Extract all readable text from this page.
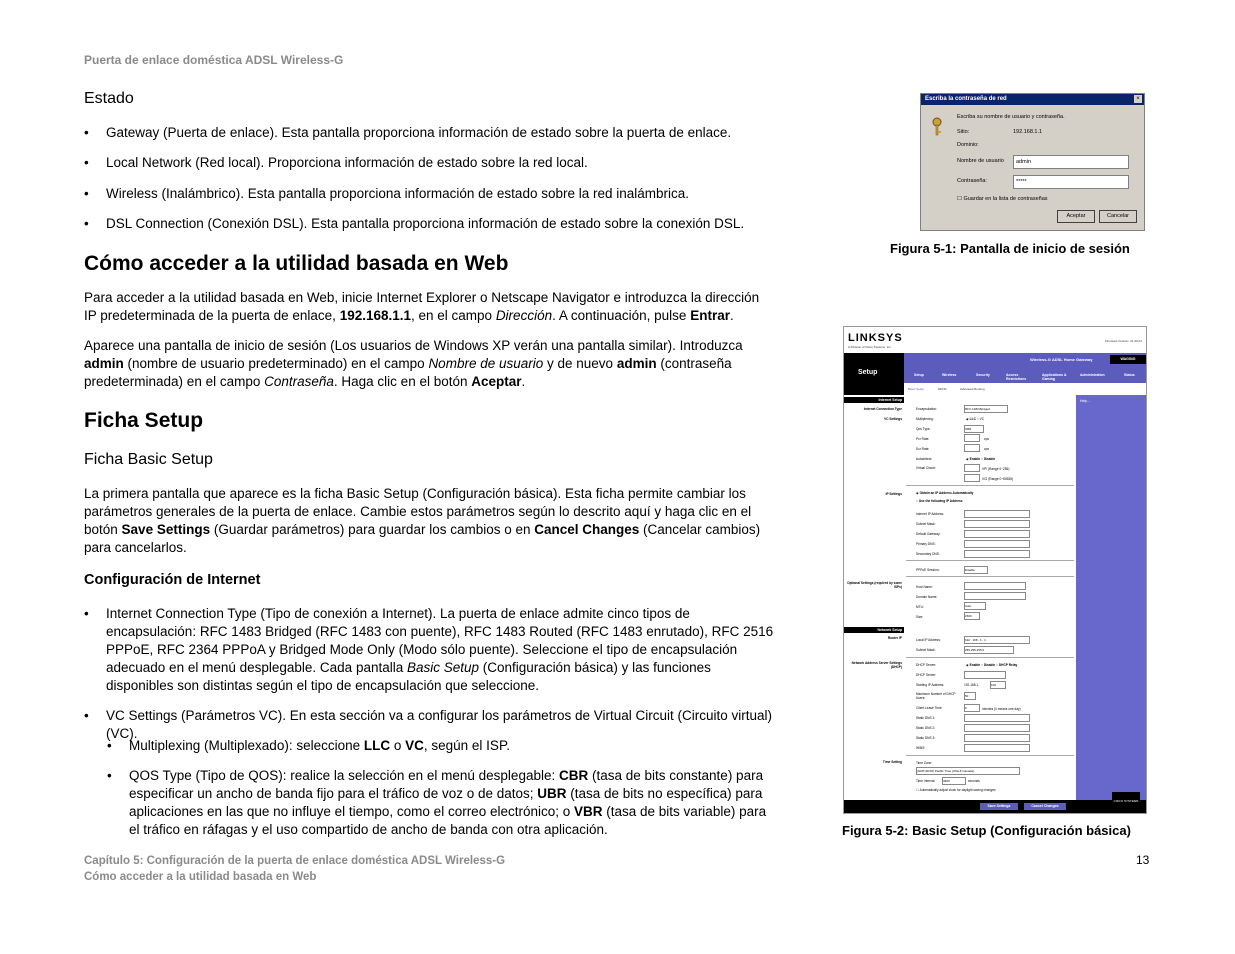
Puerta de enlace doméstica ADSL Wireless-G
Estado
• Gateway (Puerta de enlace). Esta pantalla proporciona información de estado sobre la puerta de enlace.
• Local Network (Red local). Proporciona información de estado sobre la red local.
• Wireless (Inalámbrico). Esta pantalla proporciona información de estado sobre la red inalámbrica.
• DSL Connection (Conexión DSL). Esta pantalla proporciona información de estado sobre la conexión DSL.
Cómo acceder a la utilidad basada en Web
Para acceder a la utilidad basada en Web, inicie Internet Explorer o Netscape Navigator e introduzca la dirección
IP predeterminada de la puerta de enlace, 192.168.1.1, en el campo Dirección. A continuación, pulse Entrar.
Aparece una pantalla de inicio de sesión (Los usuarios de Windows XP verán una pantalla similar). Introduzca
admin (nombre de usuario predeterminado) en el campo Nombre de usuario y de nuevo admin (contraseña
predeterminada) en el campo Contraseña. Haga clic en el botón Aceptar.
Ficha Setup
Ficha Basic Setup
La primera pantalla que aparece es la ficha Basic Setup (Configuración básica). Esta ficha permite cambiar los
parámetros generales de la puerta de enlace. Cambie estos parámetros según lo descrito aquí y haga clic en el
botón Save Settings (Guardar parámetros) para guardar los cambios o en Cancel Changes (Cancelar cambios)
para cancelarlos.
Configuración de Internet
• Internet Connection Type (Tipo de conexión a Internet). La puerta de enlace admite cinco tipos de
encapsulación: RFC 1483 Bridged (RFC 1483 con puente), RFC 1483 Routed (RFC 1483 enrutado), RFC 2516
PPPoE, RFC 2364 PPPoA y Bridged Mode Only (Modo sólo puente). Seleccione el tipo de encapsulación
adecuado en el menú desplegable. Cada pantalla Basic Setup (Configuración básica) y las funciones
disponibles son distintas según el tipo de encapsulación que seleccione.
• VC Settings (Parámetros VC). En esta sección va a configurar los parámetros de Virtual Circuit (Circuito virtual) (VC).
• Multiplexing (Multiplexado): seleccione LLC o VC, según el ISP.
• QOS Type (Tipo de QOS): realice la selección en el menú desplegable: CBR (tasa de bits constante) para
especificar un ancho de banda fijo para el tráfico de voz o de datos; UBR (tasa de bits no específica) para
aplicaciones en las que no influye el tiempo, como el correo electrónico; o VBR (tasa de bits variable) para
el tráfico en ráfagas y el uso compartido de ancho de banda con otra aplicación.
Escriba la contraseña de red	×
Escriba su nombre de usuario y contraseña.
Sitio:	192.168.1.1
Dominio:
Nombre de usuario	admin
Contraseña:	*****
☐ Guardar en la lista de contraseñas
Aceptar	Cancelar
Figura 5-1: Pantalla de inicio de sesión
LINKSYS
A Division of Cisco Systems, Inc.
Firmware Version: V1.00.01
Setup
Wireless-G ADSL Home Gateway	WAG54G
Setup	Wireless	Security	Access Restrictions
Applications & Gaming
Administration	Status
Basic Setup	DDNS	Advanced Routing
Internet Setup
Internet Connection Type
VC Settings
IP Settings
Optional Settings (required by some ISPs)
Network Setup
Router IP
Network Address Server Settings (DHCP)
Time Setting
Help...
Encapsulation:	RFC 1483 Bridged
Multiplexing:	◉ LLC ○ VC
Qos Type:	UBR
Pcr Rate:	cps
Scr Rate:	cps
Autodetect:	◉ Enable ○ Disable
Virtual Circuit:	VPI (Range 0~255)
VCI (Range 0~65535)
◉ Obtain an IP Address Automatically
○ Use the following IP Address
Internet IP Address:
Subnet Mask:
Default Gateway:
Primary DNS:
Secondary DNS:
PPPoE Session:	Disable
Host Name:
Domain Name:
MTU:	Auto
Size:	1500
Local IP Address:	192 . 168 . 1 . 1
Subnet Mask:	255.255.255.0
DHCP Server:	◉ Enable ○ Disable ○ DHCP Relay
DHCP Server:
Starting IP Address:	192.168.1.	100
Maximum Number of DHCP Users:	50
Client Lease Time:	0	minutes (0 means one day)
Static DNS 1:
Static DNS 2:
Static DNS 3:
WINS:
Time Zone:
(GMT-08:00) Pacific Time (USA & Canada)
Time Interval:	3600	seconds
☐ Automatically adjust clock for daylight saving changes
Save Settings	Cancel Changes
CISCO SYSTEMS
Figura 5-2: Basic Setup (Configuración básica)
Capítulo 5: Configuración de la puerta de enlace doméstica ADSL Wireless-G
Cómo acceder a la utilidad basada en Web
13
